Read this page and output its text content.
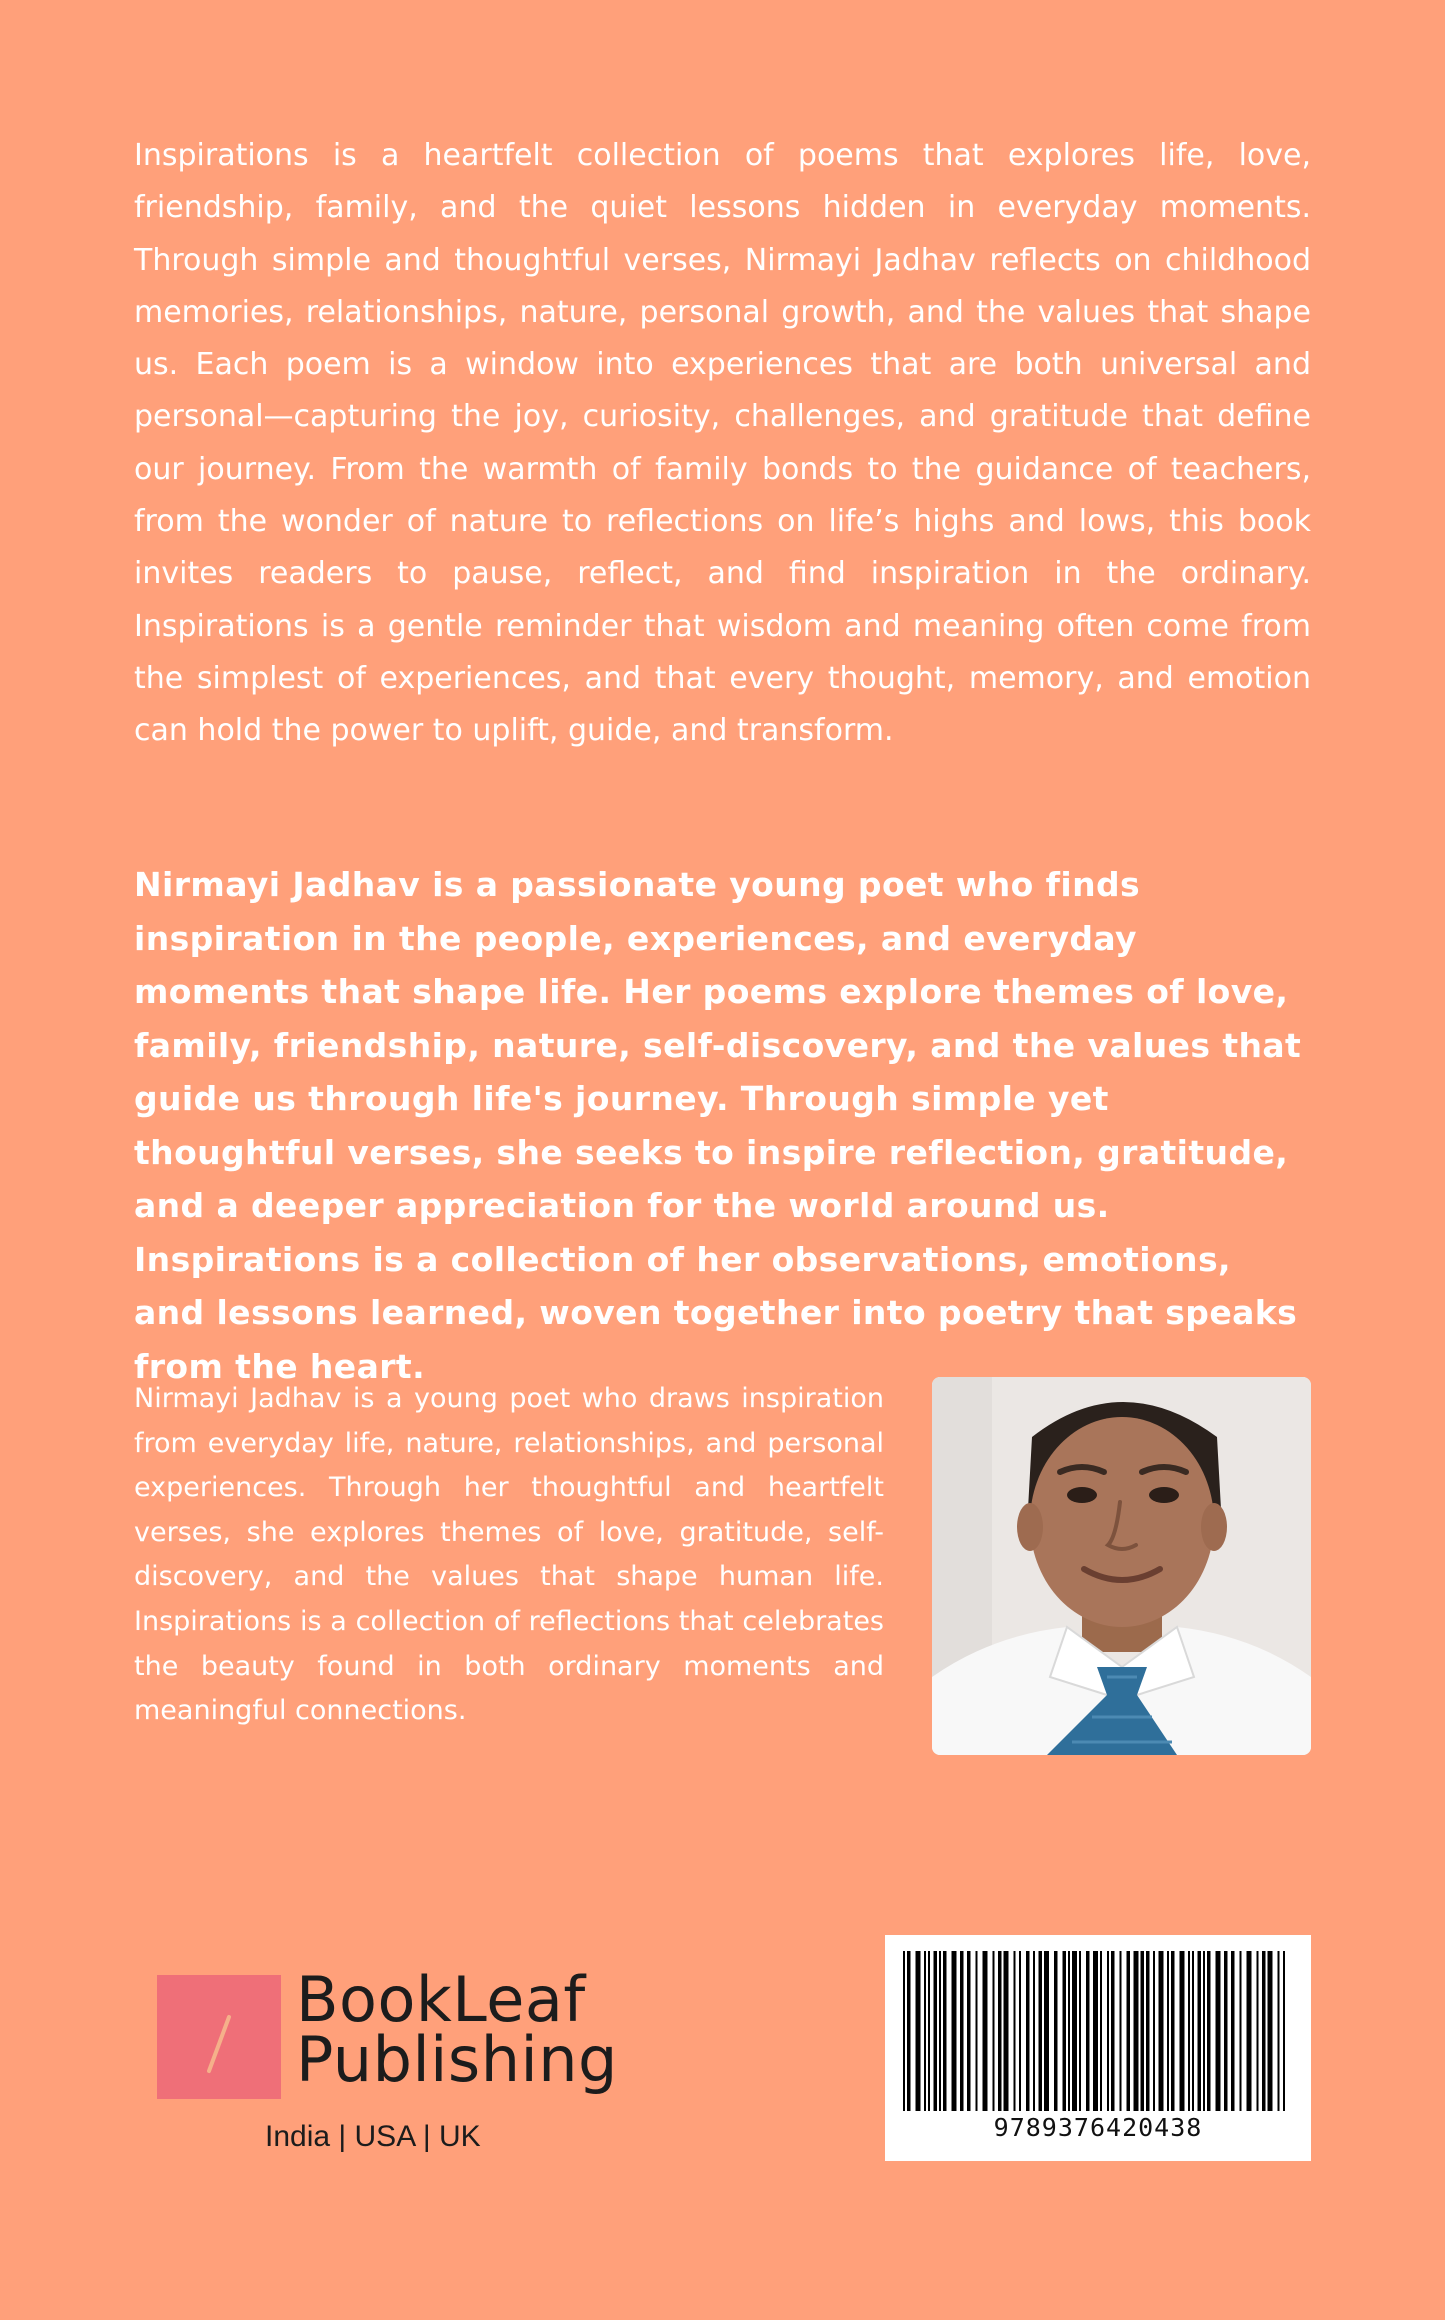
Inspirations is a heartfelt collection of poems that explores life, love, friendship, family, and the quiet lessons hidden in everyday moments. Through simple and thoughtful verses, Nirmayi Jadhav reflects on childhood memories, relationships, nature, personal growth, and the values that shape us. Each poem is a window into experiences that are both universal and personal—capturing the joy, curiosity, challenges, and gratitude that define our journey. From the warmth of family bonds to the guidance of teachers, from the wonder of nature to reflections on life’s highs and lows, this book invites readers to pause, reflect, and find inspiration in the ordinary. Inspirations is a gentle reminder that wisdom and meaning often come from the simplest of experiences, and that every thought, memory, and emotion can hold the power to uplift, guide, and transform.

Nirmayi Jadhav is a passionate young poet who finds inspiration in the people, experiences, and everyday moments that shape life. Her poems explore themes of love, family, friendship, nature, self-discovery, and the values that guide us through life's journey. Through simple yet thoughtful verses, she seeks to inspire reflection, gratitude, and a deeper appreciation for the world around us. Inspirations is a collection of her observations, emotions, and lessons learned, woven together into poetry that speaks from the heart.

Nirmayi Jadhav is a young poet who draws inspiration from everyday life, nature, relationships, and personal experiences. Through her thoughtful and heartfelt verses, she explores themes of love, gratitude, self-discovery, and the values that shape human life. Inspirations is a collection of reflections that celebrates the beauty found in both ordinary moments and meaningful connections.

BookLeaf
Publishing
India | USA | UK	9789376420438
